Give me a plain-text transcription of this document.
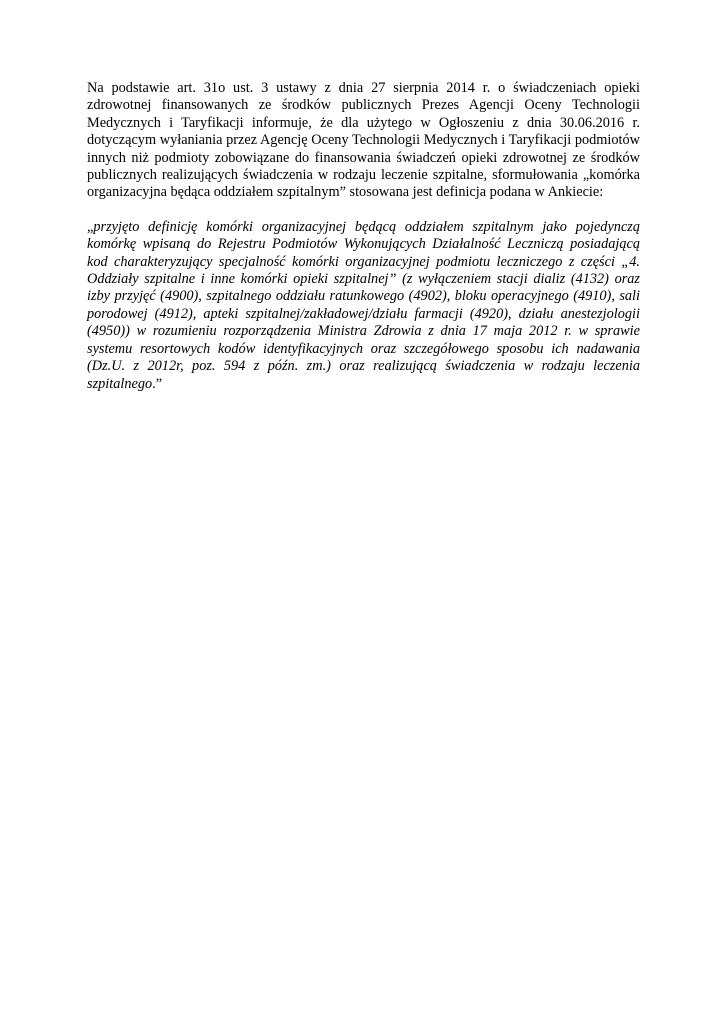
Na podstawie art. 31o ust. 3 ustawy z dnia 27 sierpnia 2014 r. o świadczeniach opieki zdrowotnej finansowanych ze środków publicznych Prezes Agencji Oceny Technologii Medycznych i Taryfikacji informuje, że dla użytego w Ogłoszeniu z dnia 30.06.2016 r. dotyczącym wyłaniania przez Agencję Oceny Technologii Medycznych i Taryfikacji podmiotów innych niż podmioty zobowiązane do finansowania świadczeń opieki zdrowotnej ze środków publicznych realizujących świadczenia w rodzaju leczenie szpitalne, sformułowania „komórka organizacyjna będąca oddziałem szpitalnym” stosowana jest definicja podana w Ankiecie:

„przyjęto definicję komórki organizacyjnej będącą oddziałem szpitalnym jako pojedynczą komórkę wpisaną do Rejestru Podmiotów Wykonujących Działalność Leczniczą posiadającą kod charakteryzujący specjalność komórki organizacyjnej podmiotu leczniczego z części „4. Oddziały szpitalne i inne komórki opieki szpitalnej” (z wyłączeniem stacji dializ (4132) oraz izby przyjęć (4900), szpitalnego oddziału ratunkowego (4902), bloku operacyjnego (4910), sali porodowej (4912), apteki szpitalnej/zakładowej/działu farmacji (4920), działu anestezjologii (4950)) w rozumieniu rozporządzenia Ministra Zdrowia z dnia 17 maja 2012 r. w sprawie systemu resortowych kodów identyfikacyjnych oraz szczegółowego sposobu ich nadawania (Dz.U. z 2012r, poz. 594 z późn. zm.) oraz realizującą świadczenia w rodzaju leczenia szpitalnego.”
